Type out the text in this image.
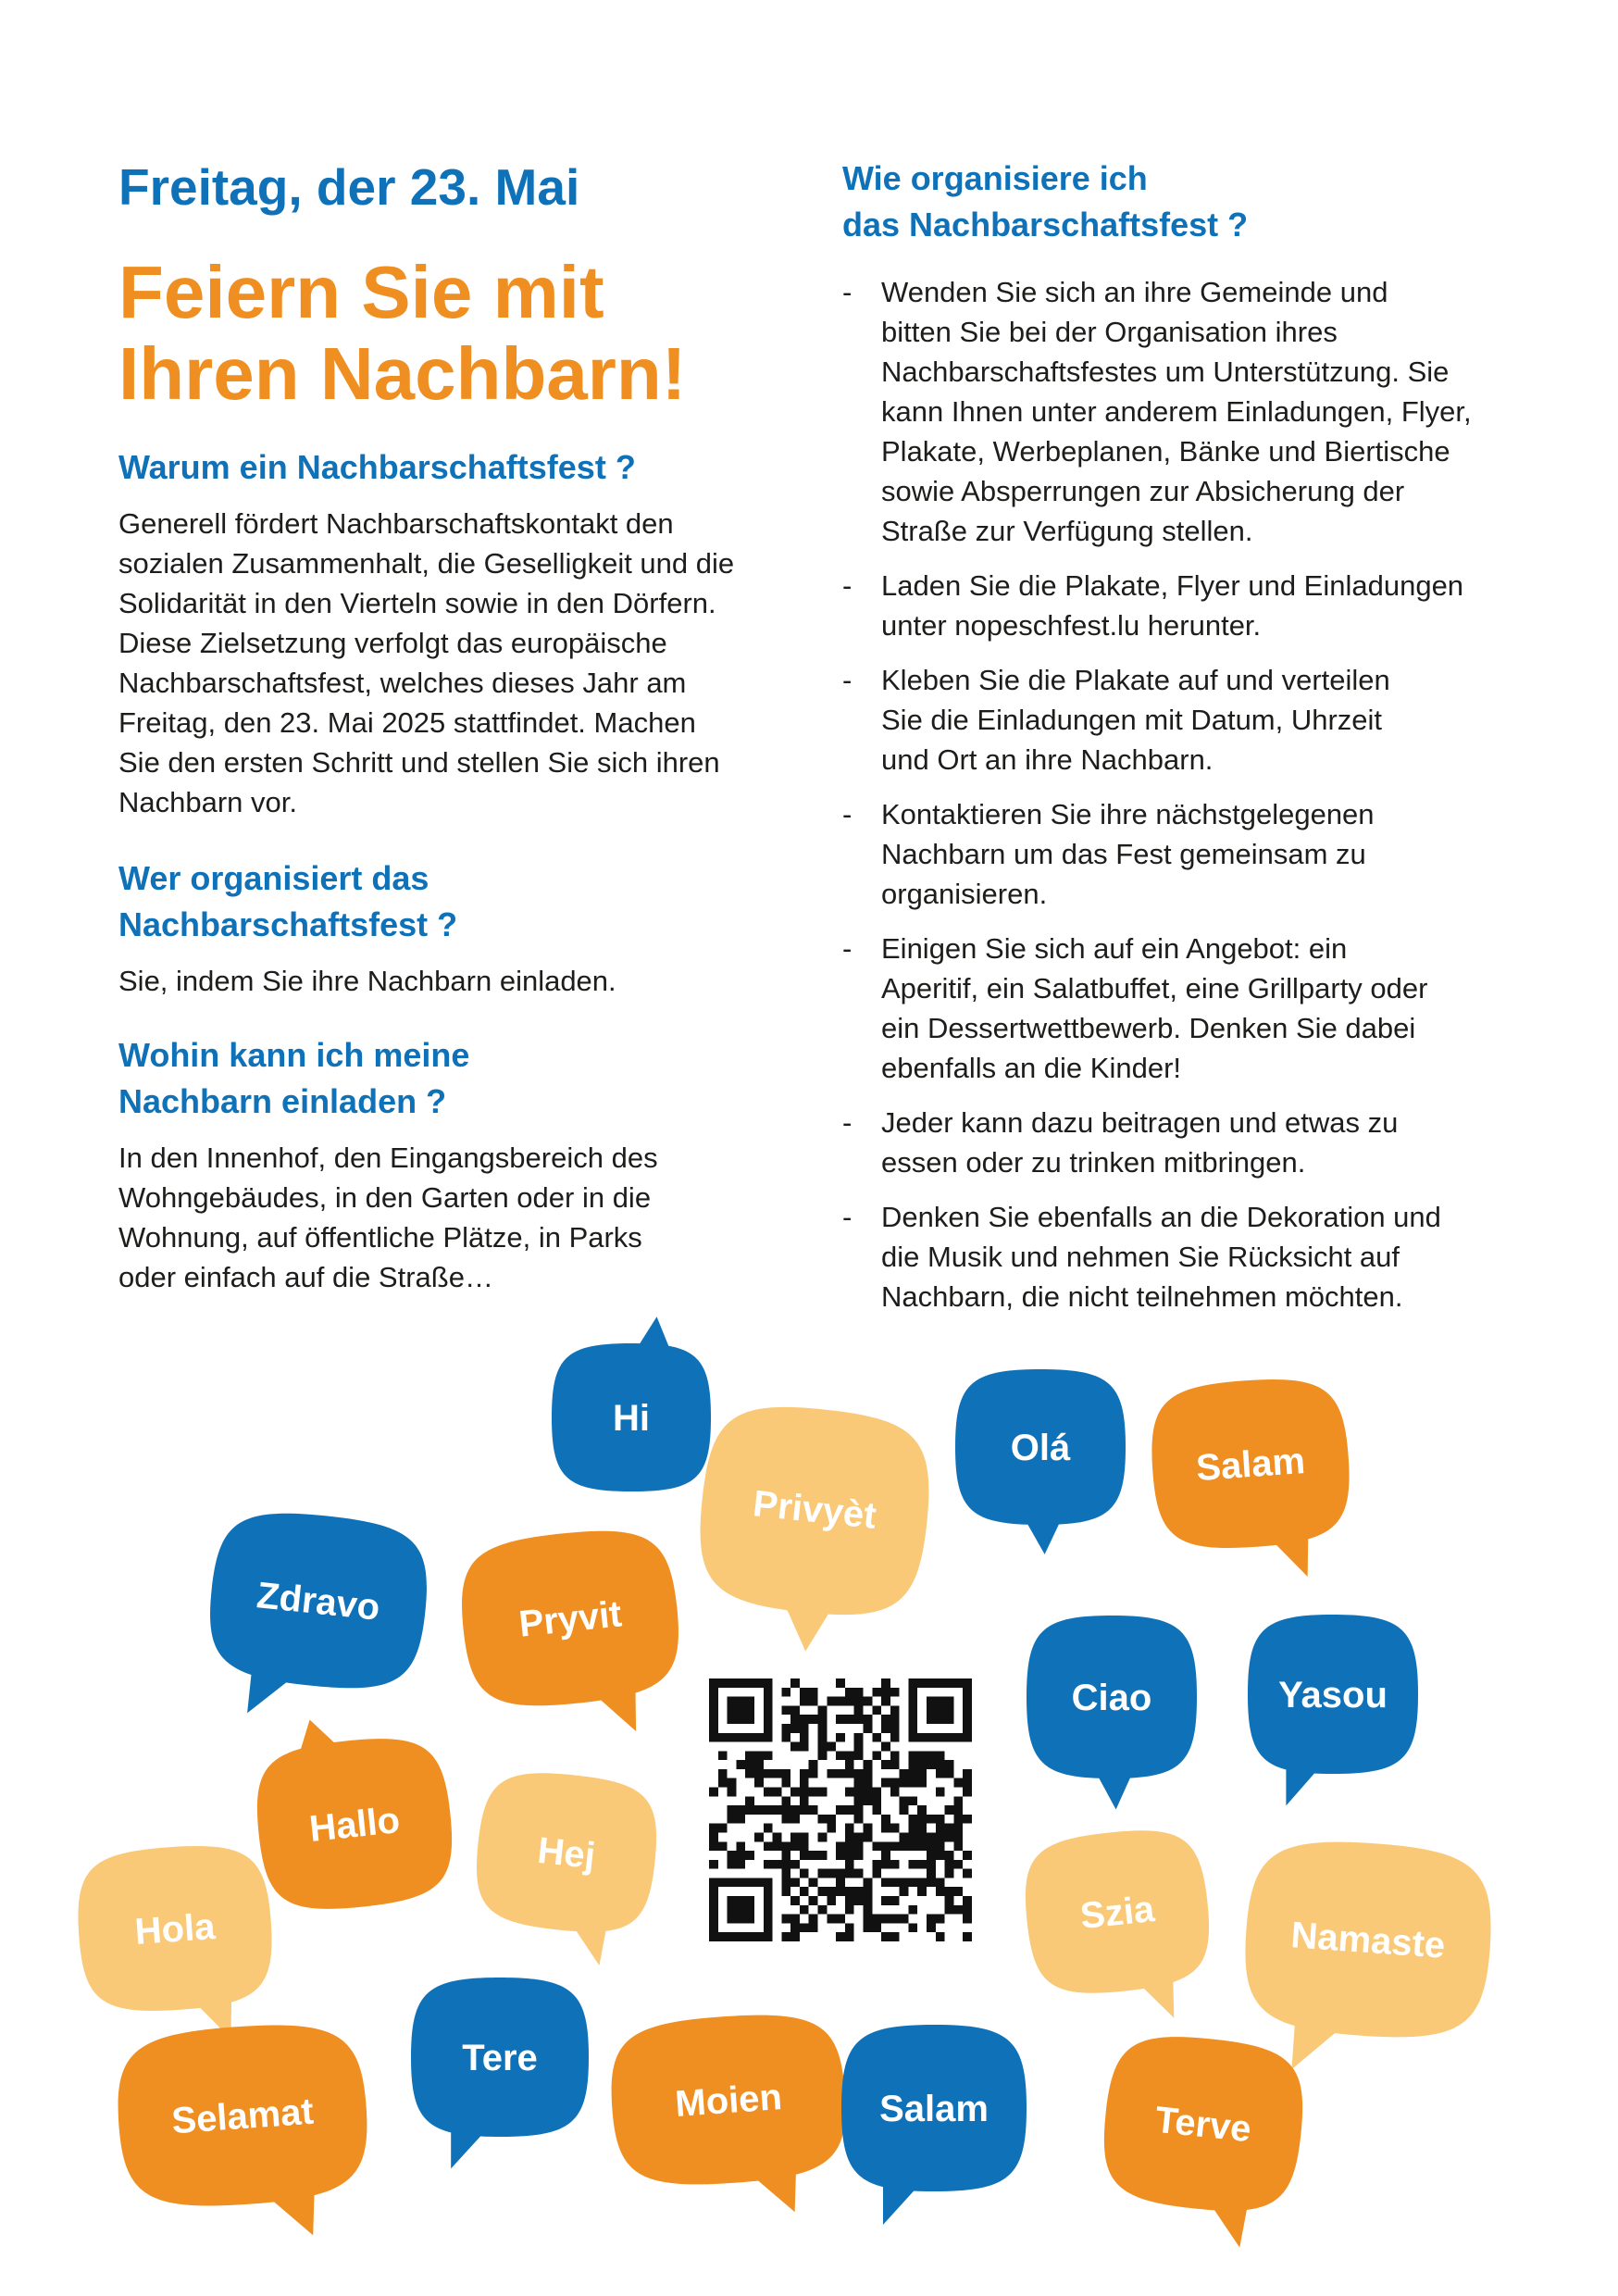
Freitag, der 23. Mai
Feiern Sie mit
Ihren Nachbarn!
Warum ein Nachbarschaftsfest ?

Generell fördert Nachbarschaftskontakt den
sozialen Zusammenhalt, die Geselligkeit und die
Solidarität in den Vierteln sowie in den Dörfern.
Diese Zielsetzung verfolgt das europäische
Nachbarschaftsfest, welches dieses Jahr am
Freitag, den 23. Mai 2025 stattfindet. Machen
Sie den ersten Schritt und stellen Sie sich ihren
Nachbarn vor.

Wer organisiert das
Nachbarschaftsfest ?

Sie, indem Sie ihre Nachbarn einladen.

Wohin kann ich meine
Nachbarn einladen ?

In den Innenhof, den Eingangsbereich des
Wohngebäudes, in den Garten oder in die
Wohnung, auf öffentliche Plätze, in Parks
oder einfach auf die Straße…

Wie organisiere ich
das Nachbarschaftsfest ?
- Wenden Sie sich an ihre Gemeinde und
bitten Sie bei der Organisation ihres
Nachbarschaftsfestes um Unterstützung. Sie
kann Ihnen unter anderem Einladungen, Flyer,
Plakate, Werbeplanen, Bänke und Biertische
sowie Absperrungen zur Absicherung der
Straße zur Verfügung stellen.
- Laden Sie die Plakate, Flyer und Einladungen
unter nopeschfest.lu herunter.
- Kleben Sie die Plakate auf und verteilen
Sie die Einladungen mit Datum, Uhrzeit
und Ort an ihre Nachbarn.
- Kontaktieren Sie ihre nächstgelegenen
Nachbarn um das Fest gemeinsam zu
organisieren.
- Einigen Sie sich auf ein Angebot: ein
Aperitif, ein Salatbuffet, eine Grillparty oder
ein Dessertwettbewerb. Denken Sie dabei
ebenfalls an die Kinder!
- Jeder kann dazu beitragen und etwas zu
essen oder zu trinken mitbringen.
- Denken Sie ebenfalls an die Dekoration und
die Musik und nehmen Sie Rücksicht auf
Nachbarn, die nicht teilnehmen möchten.
Hi
Privyèt
Olá	Salam
Zdravo	Pryvit
Ciao	Yasou
Hallo
Hej
Hola	Szia
Namaste
Tere
Selamat	Moien	Salam	Terve
